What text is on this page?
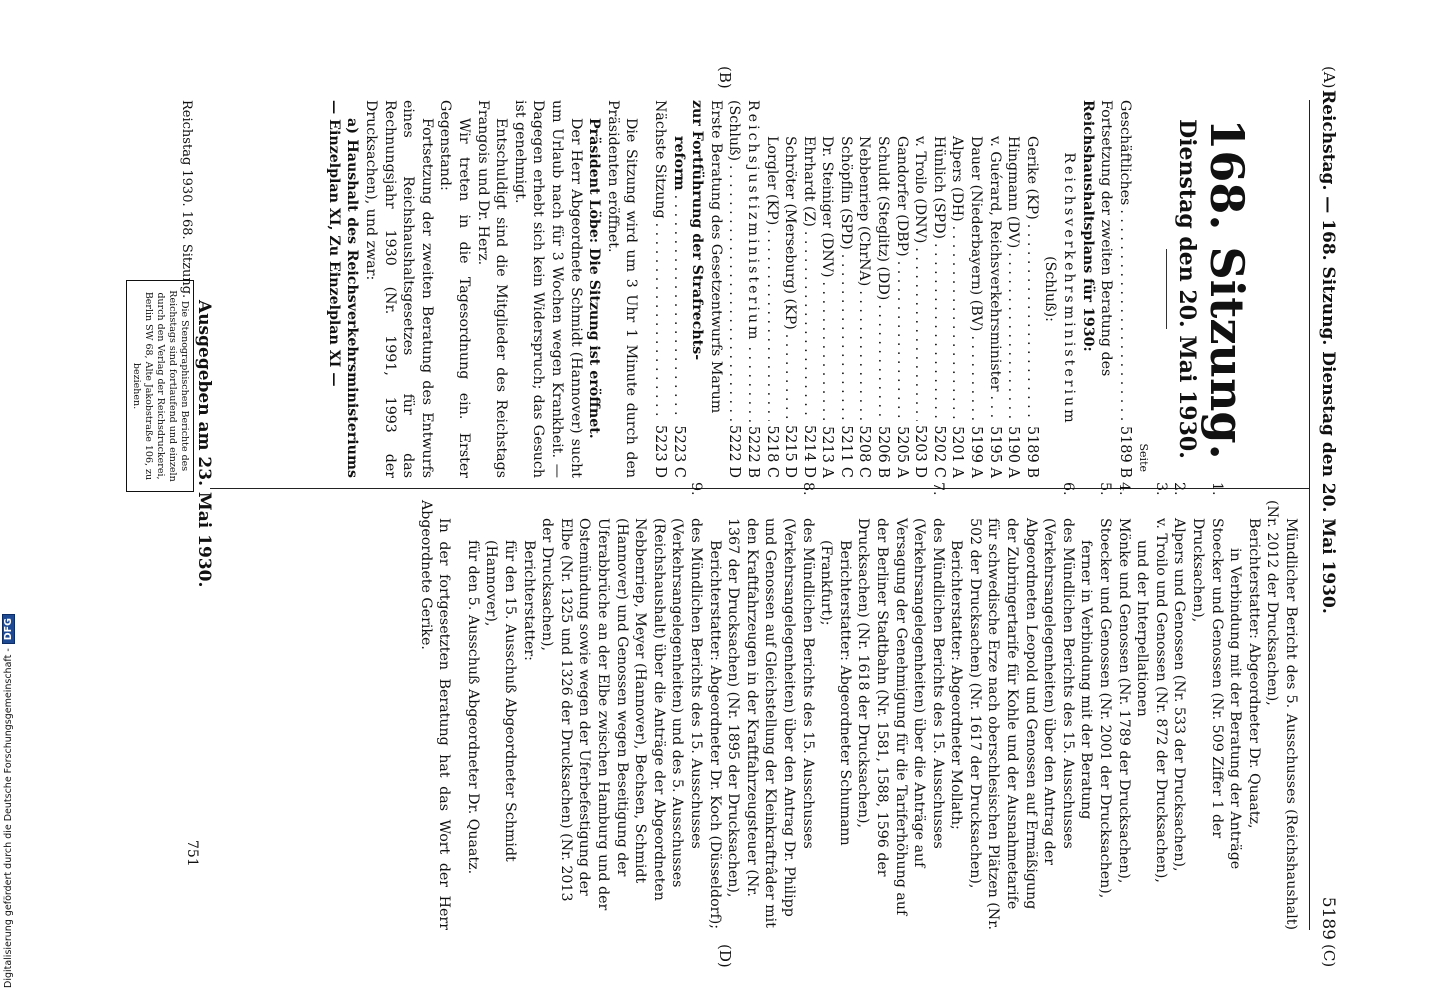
(A)
(B)
(C)
(D)
Reichstag. — 168. Sitzung. Dienstag den 20. Mai 1930.
5189
168. Sitzung.
Dienstag den 20. Mai 1930.
Seite
Geschäftliches
. . .
5189 B
Fortsetzung der zweiten Beratung des
Reichshaushaltsplans für 1930:
Reichsverkehrsministerium
(Schluß):
Gerike (KP)
. . .
5189 B
Hingmann (DV)
. . .
5190 A
v. Guérard, Reichsverkehrsminister
. . .
5195 A
Dauer (Niederbayern) (BV)
. . .
5199 A
Alpers (DH)
. . .
5201 A
Hünlich (SPD)
. . .
5202 C
v. Troilo (DNV)
. . .
5203 D
Gandorfer (DBP)
. . .
5205 A
Schuldt (Steglitz) (DD)
. . .
5206 B
Nebbenriep (ChrNA)
. . .
5208 C
Schöpflin (SPD)
. . .
5211 C
Dr. Steiniger (DNV)
. . .
5213 A
Ehrhardt (Z)
. . .
5214 D
Schröter (Merseburg) (KP)
. . .
5215 D
Lorgler (KP)
. . .
5218 C
Reichsjustizministerium
. . .
5222 B
(Schluß)
. . .
5222 D
Erste Beratung des Gesetzentwurfs Marum
zur Fortführung der Strafrechts-
reform
. . .
5223 C
Nächste Sitzung
. . .
5223 D

Die Sitzung wird um 3 Uhr 1 Minute durch den Präsidenten eröffnet.

Präsident Löbe: Die Sitzung ist eröffnet.

Der Herr Abgeordnete Schmidt (Hannover) sucht um Urlaub nach für 3 Wochen wegen Krankheit. — Dagegen erhebt sich kein Widerspruch; das Gesuch ist genehmigt.

Entschuldigt sind die Mitglieder des Reichstags Frangois und Dr. Herz.

Wir treten in die Tagesordnung ein. Erster Gegenstand:

Fortsetzung der zweiten Beratung des Entwurfs eines Reichshaushaltsgesetzes für das Rechnungsjahr 1930 (Nr. 1991, 1993 der Drucksachen), und zwar:

a) Haushalt des Reichsverkehrsministeriums — Einzelplan XI, Zu Einzelplan XI —

Mündlicher Bericht des 5. Ausschusses (Reichshaushalt) (Nr. 2012 der Drucksachen),

Berichterstatter: Abgeordneter Dr. Quaatz,

in Verbindung mit der Beratung der Anträge

1.Stoecker und Genossen (Nr. 509 Ziffer 1 der Drucksachen),
2.Alpers und Genossen (Nr. 533 der Drucksachen),
3.v. Troilo und Genossen (Nr. 872 der Drucksachen),
und der Interpellationen
4.Mönke und Genossen (Nr. 1789 der Drucksachen),
5.Stoecker und Genossen (Nr. 2001 der Drucksachen),
ferner in Verbindung mit der Beratung
6.des Mündlichen Berichts des 15. Ausschusses (Verkehrsangelegenheiten) über den Antrag der Abgeordneten Leopold und Genossen auf Ermäßigung der Zubringertarife für Kohle und der Ausnahmetarife für schwedische Erze nach oberschlesischen Plätzen (Nr. 502 der Drucksachen) (Nr. 1617 der Drucksachen),
Berichterstatter: Abgeordneter Mollath;
7.des Mündlichen Berichts des 15. Ausschusses (Verkehrsangelegenheiten) über die Anträge auf Versagung der Genehmigung für die Tariferhöhung auf der Berliner Stadtbahn (Nr. 1581, 1588, 1596 der Drucksachen) (Nr. 1618 der Drucksachen),
Berichterstatter: Abgeordneter Schumann (Frankfurt);
8.des Mündlichen Berichts des 15. Ausschusses (Verkehrsangelegenheiten) über den Antrag Dr. Philipp und Genossen auf Gleichstellung der Kleinkraftrâder mit den Kraftfahrzeugen in der Kraftfahrzeugsteuer (Nr. 1367 der Drucksachen) (Nr. 1895 der Drucksachen),
Berichterstatter: Abgeordneter Dr. Koch (Düsseldorf);
9.des Mündlichen Berichts des 15. Ausschusses (Verkehrsangelegenheiten) und des 5. Ausschusses (Reichshaushalt) über die Anträge der Abgeordneten Nebbenriep, Meyer (Hannover), Bechsen, Schmidt (Hannover) und Genossen wegen Beseitigung der Uferabbrüche an der Elbe zwischen Hamburg und der Ostemündung sowie wegen der Uferbefestigung der Elbe (Nr. 1325 und 1326 der Drucksachen) (Nr. 2013 der Drucksachen),
Berichterstatter:
für den 15. Ausschuß Abgeordneter Schmidt (Hannover),
für den 5. Ausschuß Abgeordneter Dr. Quaatz.

In der fortgesetzten Beratung hat das Wort der Herr Abgeordnete Gerike.

Reichstag 1930. 168. Sitzung.
Ausgegeben am 23. Mai 1930.
Die Stenographischen Berichte des Reichstags sind fortlaufend und einzeln durch den Verlag der Reichsdruckerei, Berlin SW 68, Alte Jakobstraße 106, zu beziehen.
751
Digitalisierung gefördert durch die Deutsche Forschungsgemeinschaft -DFG
